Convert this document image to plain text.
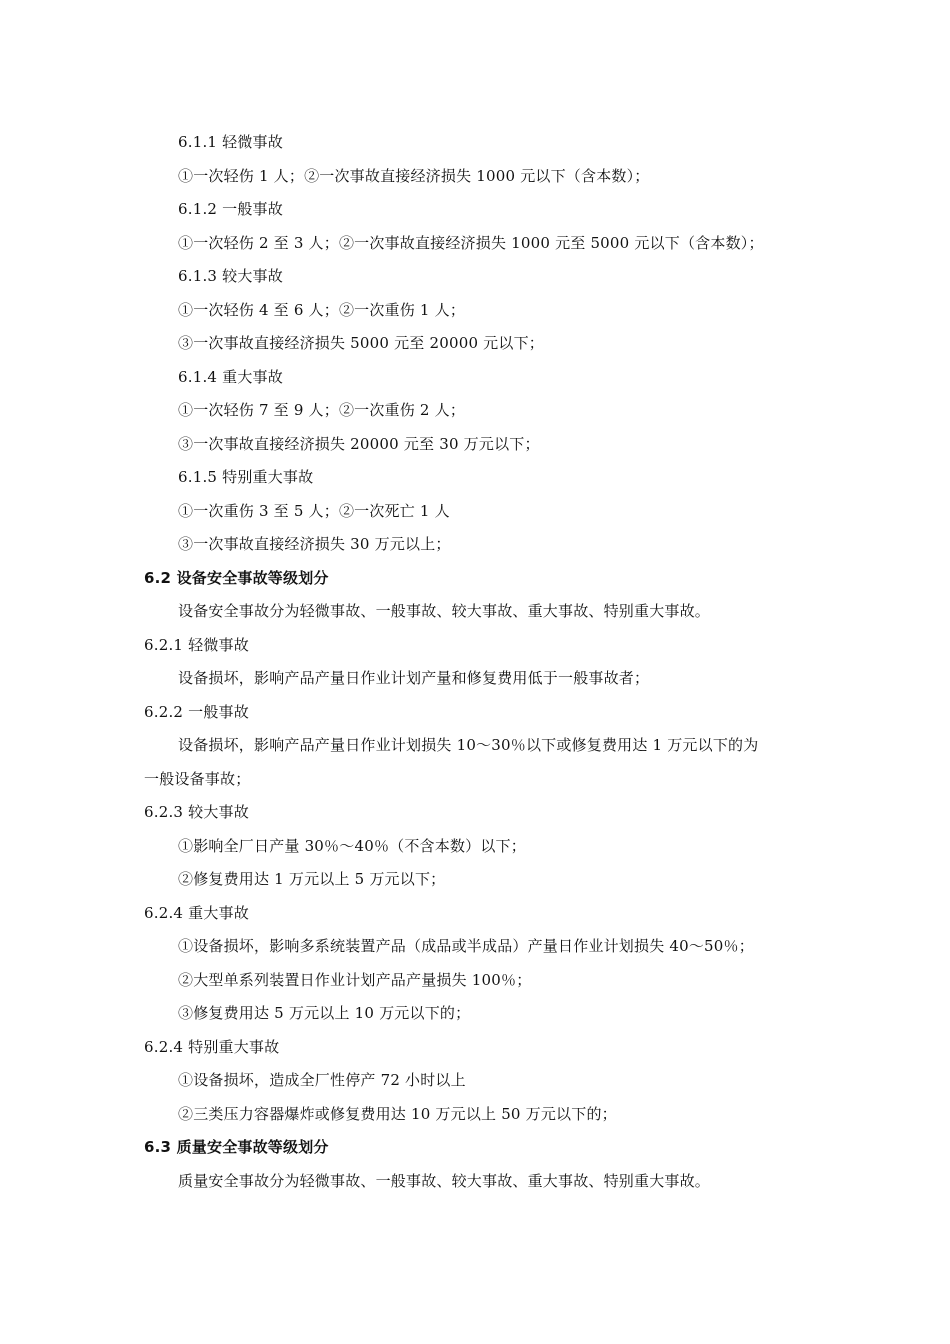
6.1.1 轻微事故
①一次轻伤 1 人；②一次事故直接经济损失 1000 元以下（含本数）；
6.1.2 一般事故
①一次轻伤 2 至 3 人；②一次事故直接经济损失 1000 元至 5000 元以下（含本数）；
6.1.3 较大事故
①一次轻伤 4 至 6 人；②一次重伤 1 人；
③一次事故直接经济损失 5000 元至 20000 元以下；
6.1.4 重大事故
①一次轻伤 7 至 9 人；②一次重伤 2 人；
③一次事故直接经济损失 20000 元至 30 万元以下；
6.1.5 特别重大事故
①一次重伤 3 至 5 人；②一次死亡 1 人
③一次事故直接经济损失 30 万元以上；
6.2 设备安全事故等级划分
设备安全事故分为轻微事故、一般事故、较大事故、重大事故、特别重大事故。
6.2.1 轻微事故
设备损坏，影响产品产量日作业计划产量和修复费用低于一般事故者；
6.2.2 一般事故
设备损坏，影响产品产量日作业计划损失 10～30％以下或修复费用达 1 万元以下的为
一般设备事故；
6.2.3 较大事故
①影响全厂日产量 30％～40％（不含本数）以下；
②修复费用达 1 万元以上 5 万元以下；
6.2.4 重大事故
①设备损坏，影响多系统装置产品（成品或半成品）产量日作业计划损失 40～50％；
②大型单系列装置日作业计划产品产量损失 100％；
③修复费用达 5 万元以上 10 万元以下的；
6.2.4 特别重大事故
①设备损坏，造成全厂性停产 72 小时以上
②三类压力容器爆炸或修复费用达 10 万元以上 50 万元以下的；
6.3 质量安全事故等级划分
质量安全事故分为轻微事故、一般事故、较大事故、重大事故、特别重大事故。
